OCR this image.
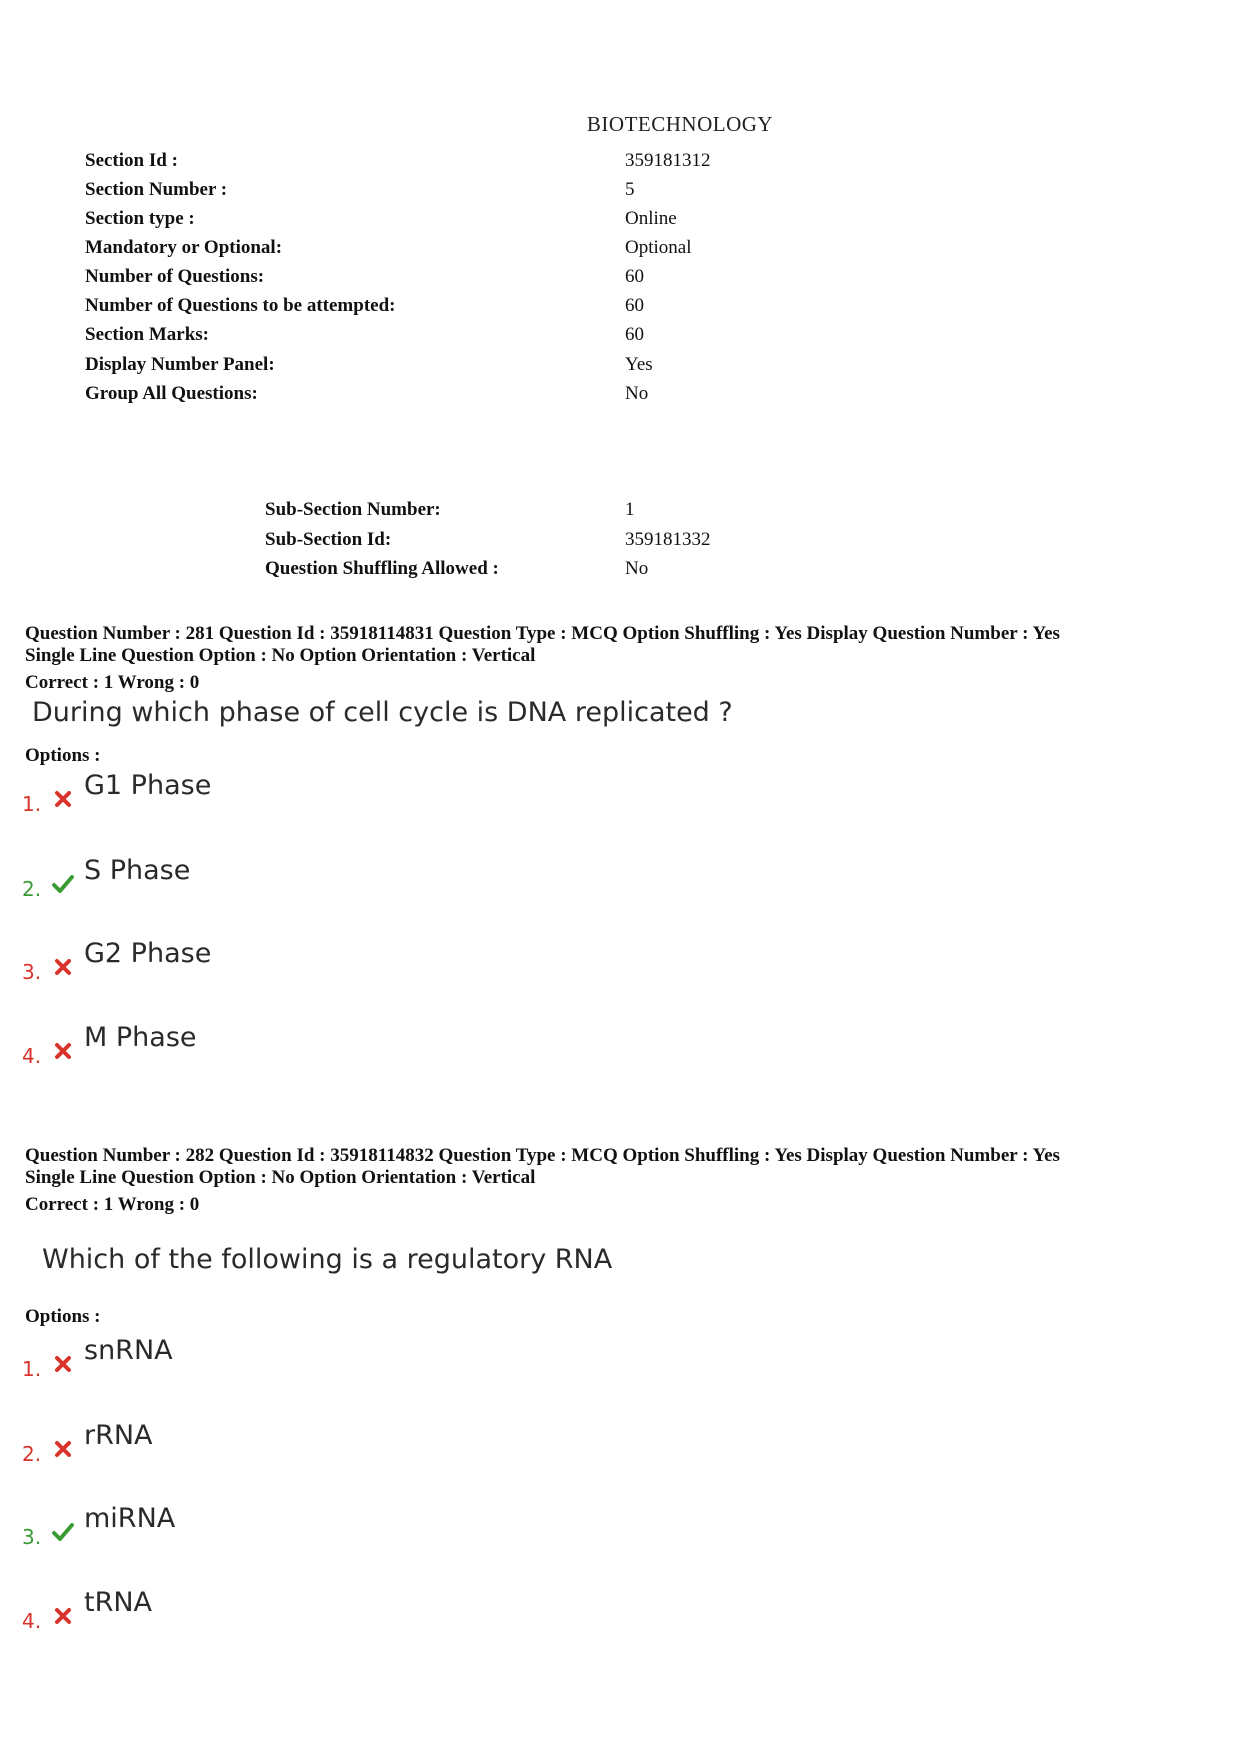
BIOTECHNOLOGY
Section Id :	359181312
Section Number :	5
Section type :	Online
Mandatory or Optional:	Optional
Number of Questions:	60
Number of Questions to be attempted:	60
Section Marks:	60
Display Number Panel:	Yes
Group All Questions:	No
Sub-Section Number:	1
Sub-Section Id:	359181332
Question Shuffling Allowed :	No
Question Number : 281 Question Id : 35918114831 Question Type : MCQ Option Shuffling : Yes Display Question Number : Yes
Single Line Question Option : No Option Orientation : Vertical
Correct : 1 Wrong : 0
During which phase of cell cycle is DNA replicated ?
Options :
1.
G1 Phase
2.
S Phase
3.
G2 Phase
4.
M Phase
Question Number : 282 Question Id : 35918114832 Question Type : MCQ Option Shuffling : Yes Display Question Number : Yes
Single Line Question Option : No Option Orientation : Vertical
Correct : 1 Wrong : 0
Which of the following is a regulatory RNA
Options :
1.
snRNA
2.
rRNA
3.
miRNA
4.
tRNA
